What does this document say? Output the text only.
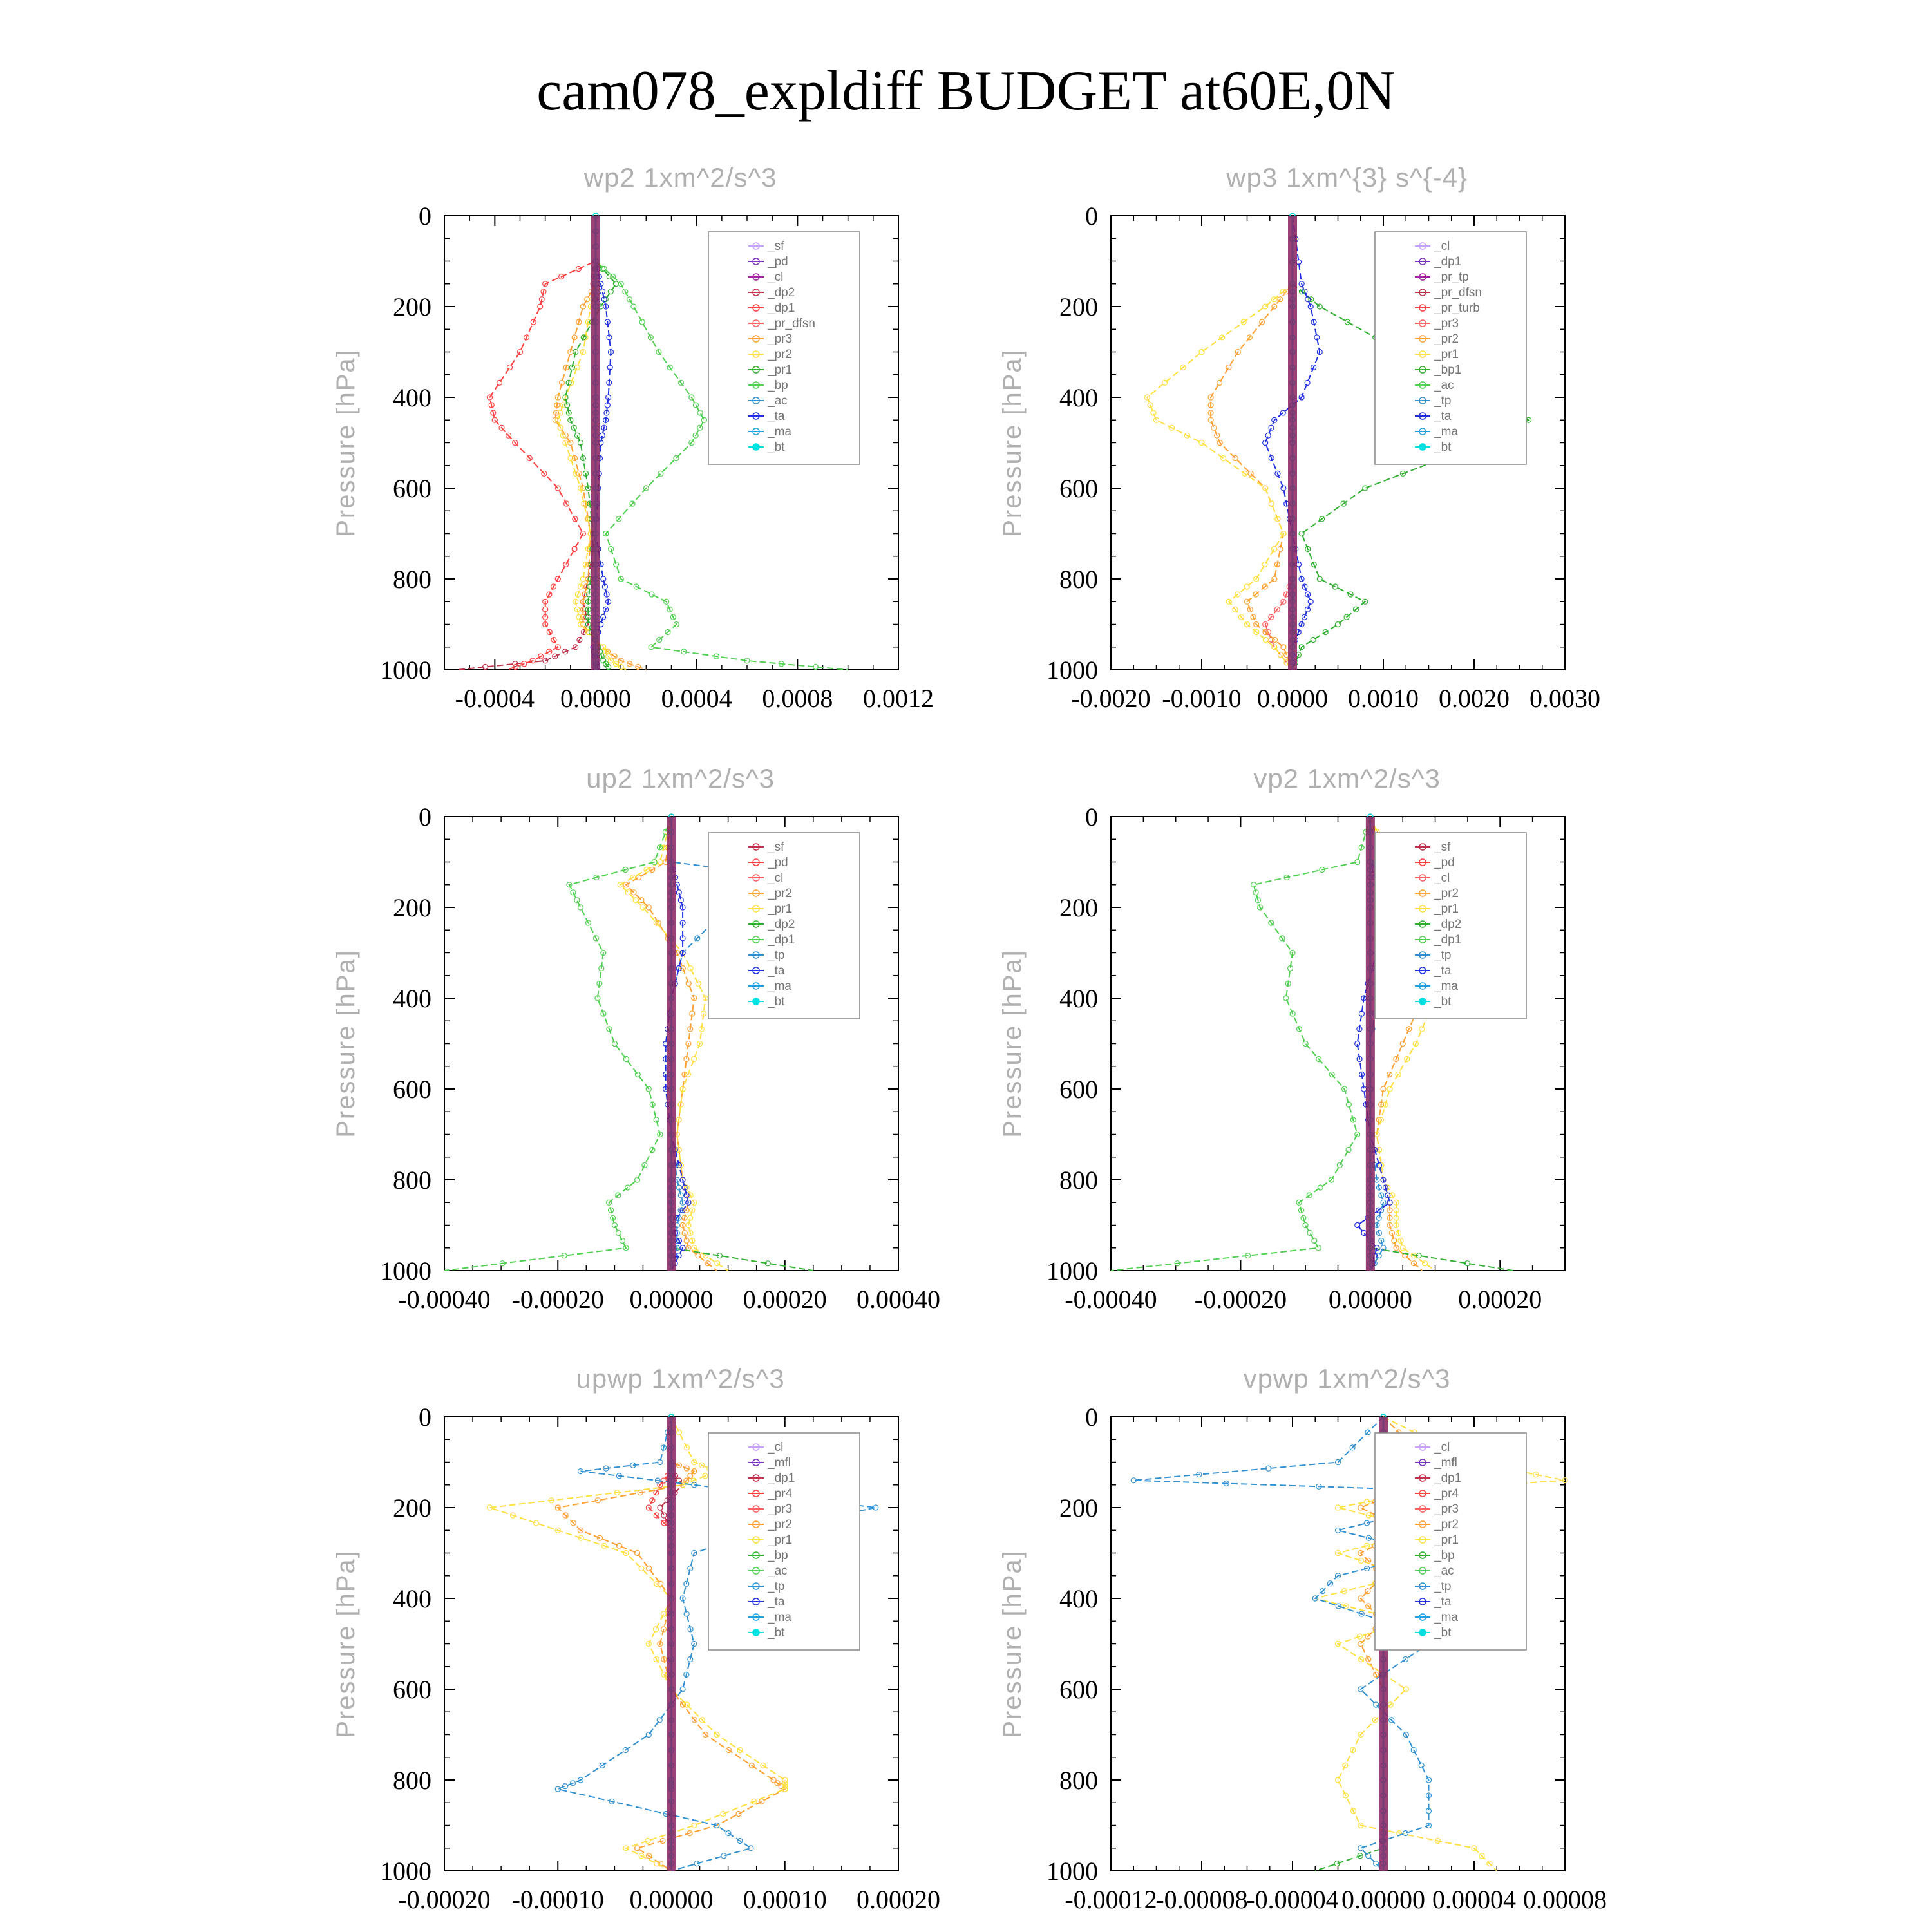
cam078_expldiff BUDGET at60E,0N
wp2 1xm^2/s^3
Pressure [hPa]
0
200
400
600
800
1000
-0.0004 0.0000 0.0004 0.0008 0.0012
_sf
_pd
_cl
_dp2
_dp1
_pr_dfsn
_pr3
_pr2
_pr1
_bp
_ac
_ta
_ma
_bt
wp3 1xm^{3} s^{-4}
Pressure [hPa]
0
200
400
600
800
1000
-0.0020 -0.0010 0.0000 0.0010 0.0020 0.0030
_cl
_dp1
_pr_tp
_pr_dfsn
_pr_turb
_pr3
_pr2
_pr1
_bp1
_ac
_tp
_ta
_ma
_bt
up2 1xm^2/s^3
Pressure [hPa]
0
200
400
600
800
1000
-0.00040 -0.00020 0.00000 0.00020 0.00040
_sf
_pd
_cl
_pr2
_pr1
_dp2
_dp1
_tp
_ta
_ma
_bt
vp2 1xm^2/s^3
Pressure [hPa]
0
200
400
600
800
1000
-0.00040 -0.00020 0.00000 0.00020
_sf
_pd
_cl
_pr2
_pr1
_dp2
_dp1
_tp
_ta
_ma
_bt
upwp 1xm^2/s^3
Pressure [hPa]
0
200
400
600
800
1000
-0.00020 -0.00010 0.00000 0.00010 0.00020
_cl
_mfl
_dp1
_pr4
_pr3
_pr2
_pr1
_bp
_ac
_tp
_ta
_ma
_bt
vpwp 1xm^2/s^3
Pressure [hPa]
0
200
400
600
800
1000
-0.00012
-0.00008
-0.00004 0.00000 0.00004 0.00008
_cl
_mfl
_dp1
_pr4
_pr3
_pr2
_pr1
_bp
_ac
_tp
_ta
_ma
_bt
